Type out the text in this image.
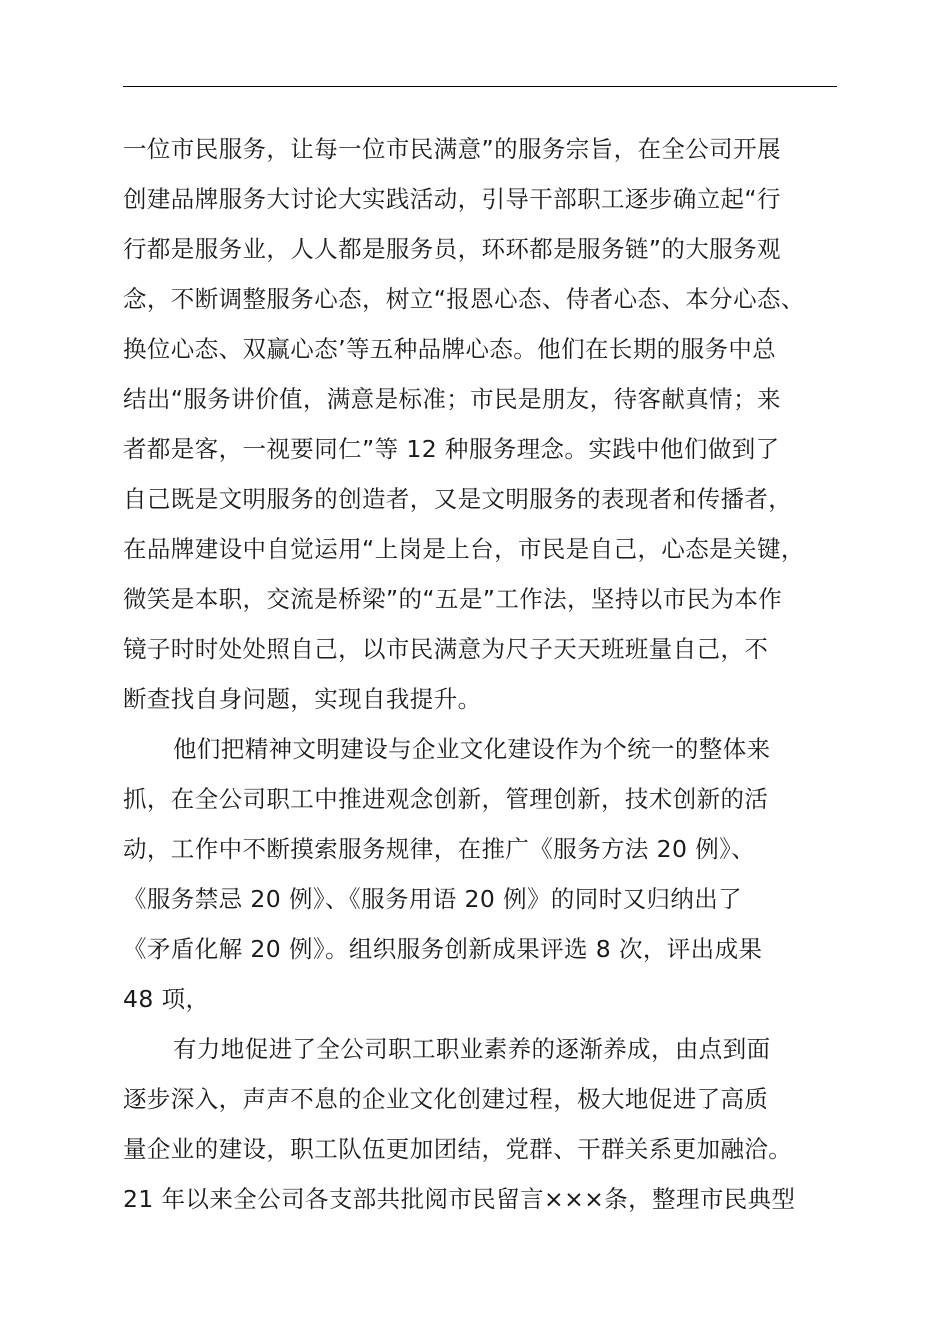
一位市民服务，让每一位市民满意”的服务宗旨，在全公司开展
创建品牌服务大讨论大实践活动，引导干部职工逐步确立起“行
行都是服务业，人人都是服务员，环环都是服务链”的大服务观
念，不断调整服务心态，树立“报恩心态、侍者心态、本分心态、
换位心态、双赢心态’等五种品牌心态。他们在长期的服务中总
结出“服务讲价值，满意是标准；市民是朋友，待客献真情；来
者都是客，一视要同仁”等 12 种服务理念。实践中他们做到了
自己既是文明服务的创造者，又是文明服务的表现者和传播者，
在品牌建设中自觉运用“上岗是上台，市民是自己，心态是关键，
微笑是本职，交流是桥梁”的“五是”工作法，坚持以市民为本作
镜子时时处处照自己，以市民满意为尺子天天班班量自己，不
断查找自身问题，实现自我提升。
他们把精神文明建设与企业文化建设作为个统一的整体来
抓，在全公司职工中推进观念创新，管理创新，技术创新的活
动，工作中不断摸索服务规律，在推广《服务方法 20 例》、
《服务禁忌 20 例》、《服务用语 20 例》的同时又归纳出了
《矛盾化解 20 例》。组织服务创新成果评选 8 次，评出成果
48 项，
有力地促进了全公司职工职业素养的逐渐养成，由点到面
逐步深入，声声不息的企业文化创建过程，极大地促进了高质
量企业的建设，职工队伍更加团结，党群、干群关系更加融洽。
21 年以来全公司各支部共批阅市民留言×××条，整理市民典型
